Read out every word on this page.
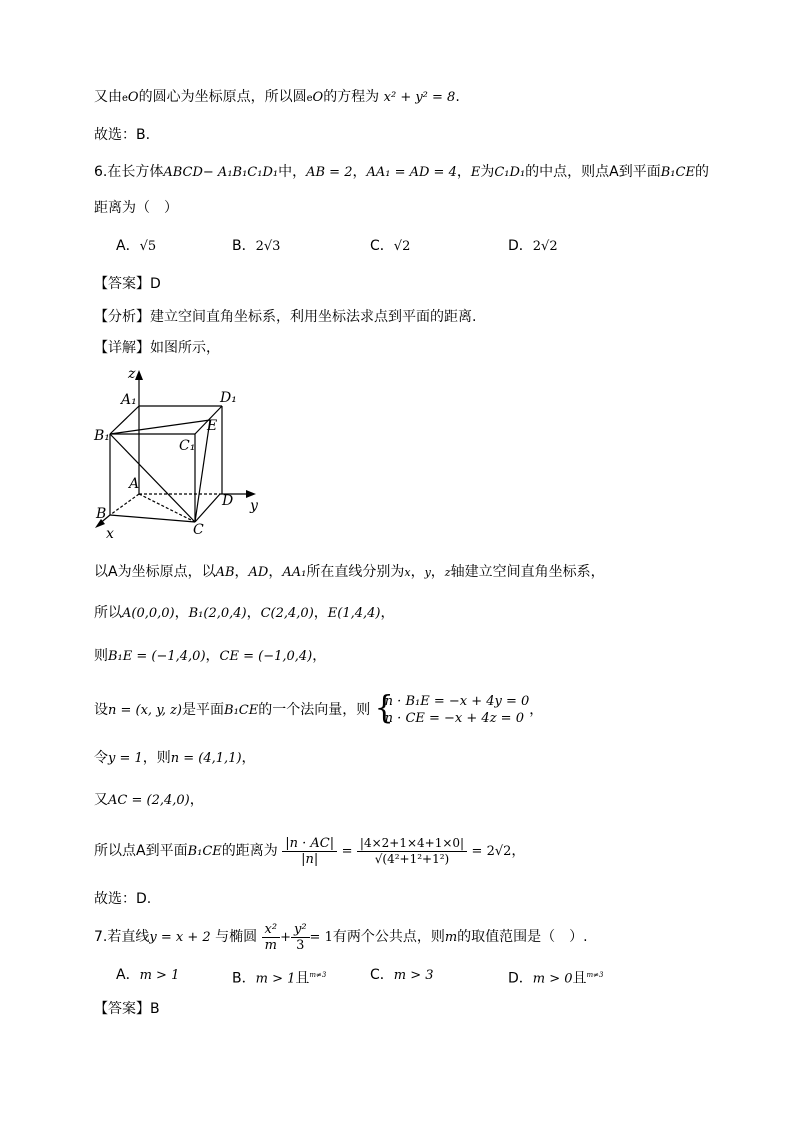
又由eO的圆心为坐标原点，所以圆eO的方程为 x² + y² = 8.
故选：B.
6.在长方体ABCD− A₁B₁C₁D₁中，AB = 2，AA₁ = AD = 4，E为C₁D₁的中点，则点A到平面B₁CE的
距离为（　）
A．√5	B．2√3	C．√2	D．2√2
【答案】D
【分析】建立空间直角坐标系，利用坐标法求点到平面的距离.
【详解】如图所示，
z
y
x
A₁	D₁
B₁
C₁
E
A
B
C
D
以A为坐标原点，以AB，AD，AA₁所在直线分别为x，y，z轴建立空间直角坐标系，
所以A(0,0,0)，B₁(2,0,4)，C(2,4,0)，E(1,4,4)，
则B₁E = (−1,4,0)，CE = (−1,0,4)，
设n = (x, y, z)是平面B₁CE的一个法向量，则 {
n · B₁E = −x + 4y = 0
n · CE = −x + 4z = 0
，
令y = 1，则n = (4,1,1)，
又AC = (2,4,0)，
所以点A到平面B₁CE的距离为 $\frac{|n \cdot AC|}{|n|} = \frac{|4\times 2+1\times 4+1\times 0|}{\text{√(4²+1²+1²)}} = 2√2$，
故选：D.
7.若直线y = x + 2 与椭圆 $\frac{\text{x²}}{m} + \frac{\text{y²}}{3} = 1$有两个公共点，则m的取值范围是（　）.
A．m > 1	B．m > 1且$^{m\ne 3}$	C．m > 3	D．m > 0且$^{m\ne 3}$
【答案】B
